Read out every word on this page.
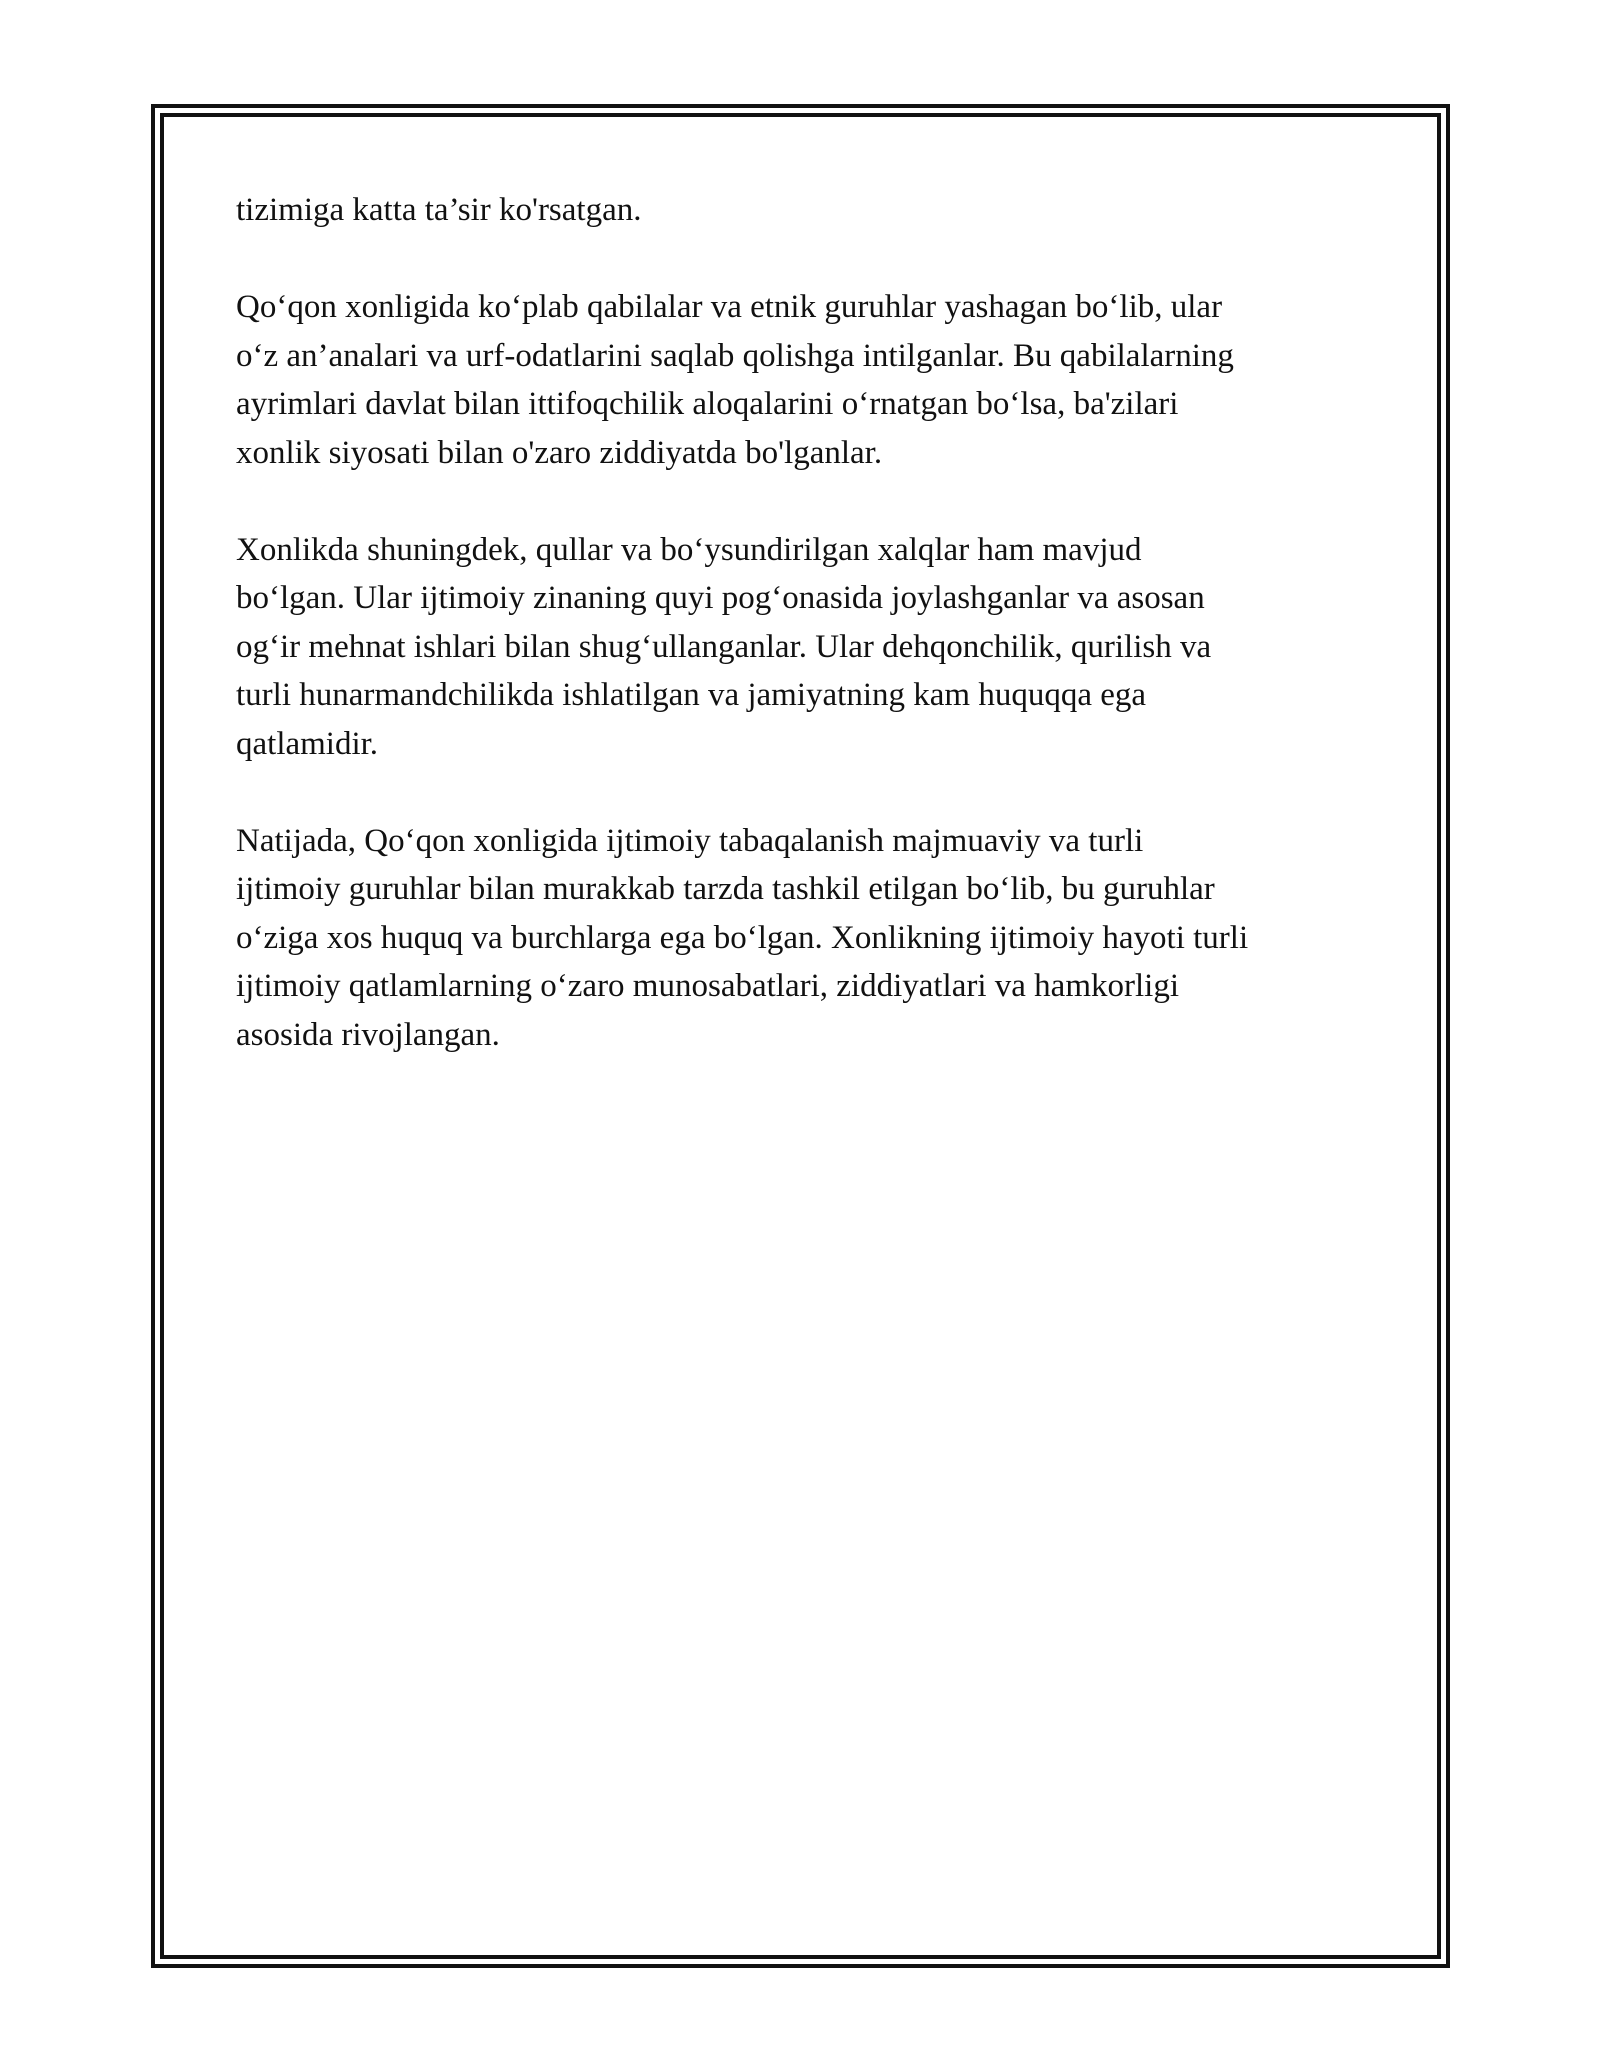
tizimiga katta ta’sir ko'rsatgan.

Qo‘qon xonligida ko‘plab qabilalar va etnik guruhlar yashagan bo‘lib, ular
o‘z an’analari va urf-odatlarini saqlab qolishga intilganlar. Bu qabilalarning
ayrimlari davlat bilan ittifoqchilik aloqalarini o‘rnatgan bo‘lsa, ba'zilari
xonlik siyosati bilan o'zaro ziddiyatda bo'lganlar.

Xonlikda shuningdek, qullar va bo‘ysundirilgan xalqlar ham mavjud
bo‘lgan. Ular ijtimoiy zinaning quyi pog‘onasida joylashganlar va asosan
og‘ir mehnat ishlari bilan shug‘ullanganlar. Ular dehqonchilik, qurilish va
turli hunarmandchilikda ishlatilgan va jamiyatning kam huquqqa ega
qatlamidir.

Natijada, Qo‘qon xonligida ijtimoiy tabaqalanish majmuaviy va turli
ijtimoiy guruhlar bilan murakkab tarzda tashkil etilgan bo‘lib, bu guruhlar
o‘ziga xos huquq va burchlarga ega bo‘lgan. Xonlikning ijtimoiy hayoti turli
ijtimoiy qatlamlarning o‘zaro munosabatlari, ziddiyatlari va hamkorligi
asosida rivojlangan.
